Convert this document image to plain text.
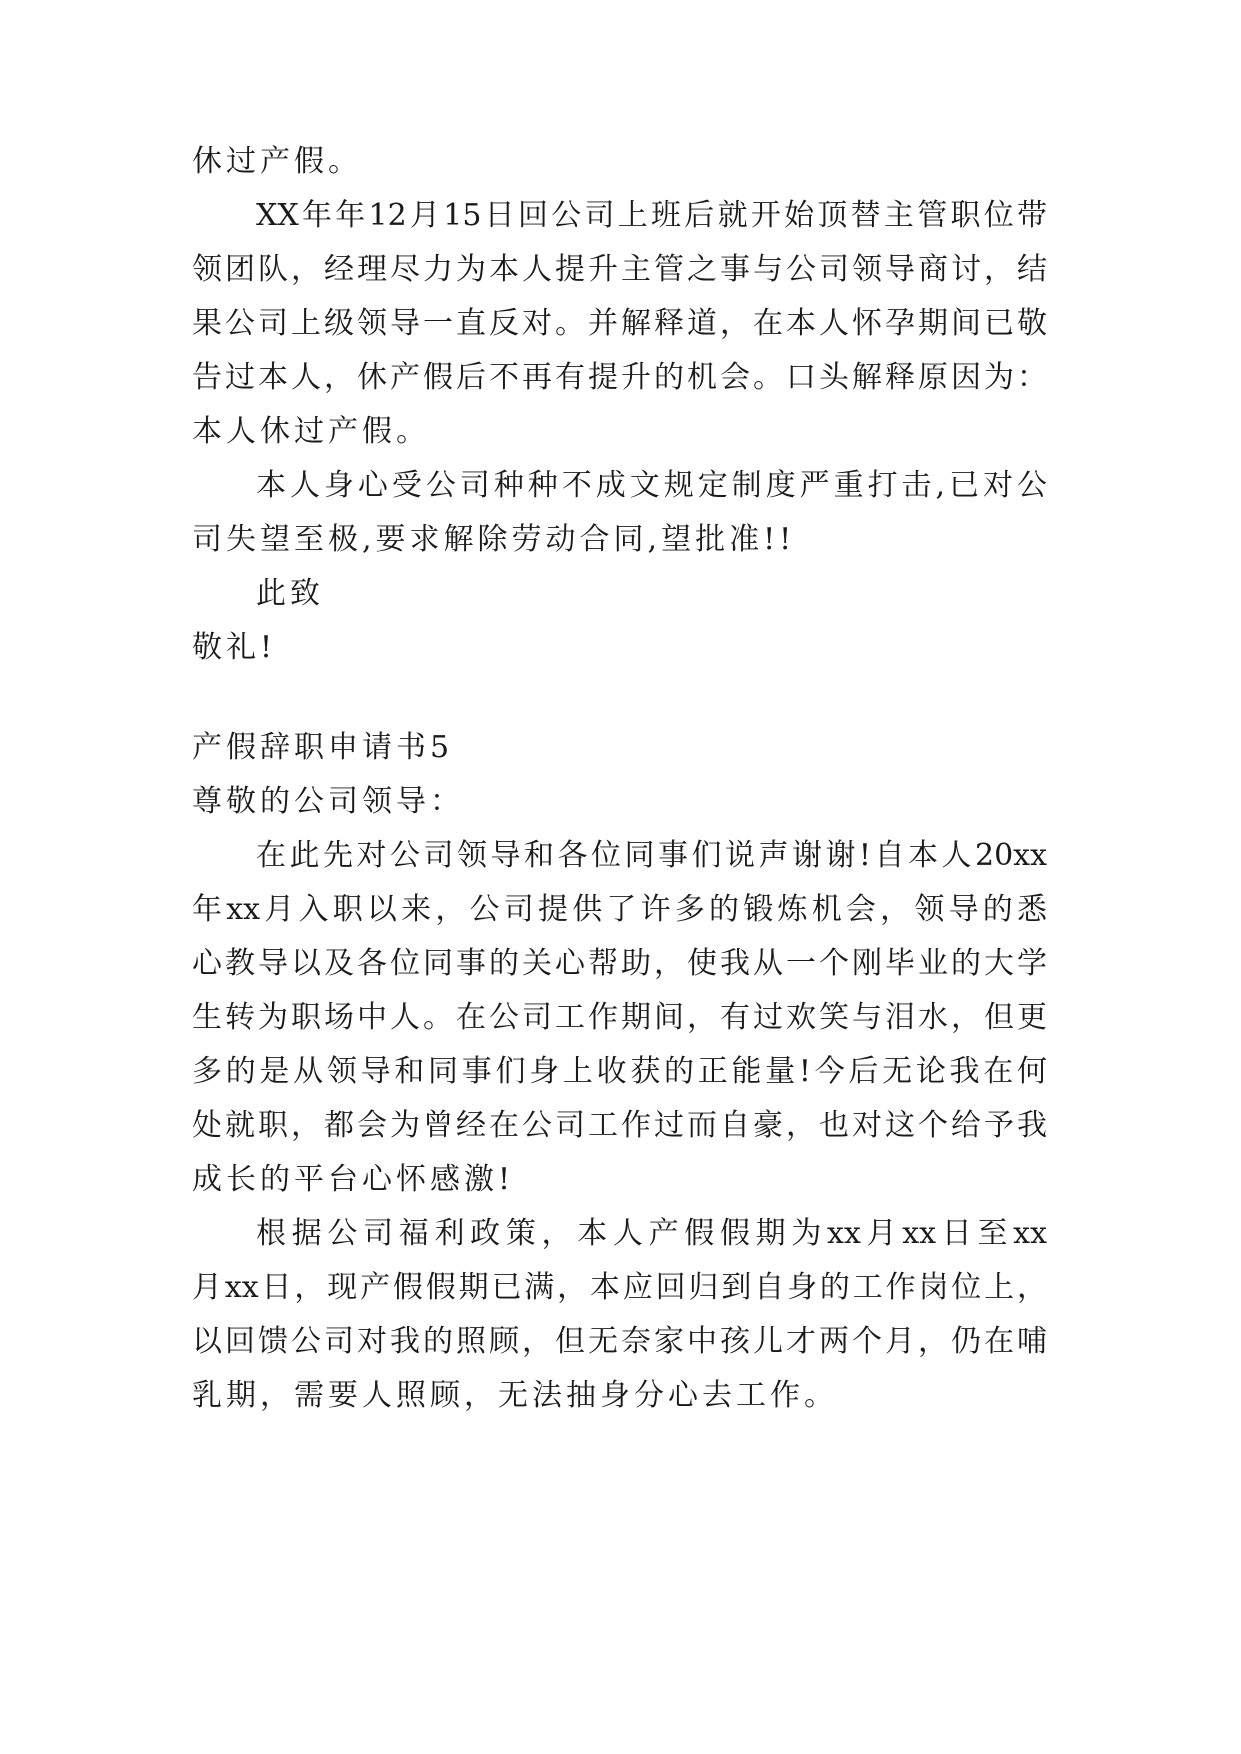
休过产假。

XX年年12月15日回公司上班后就开始顶替主管职位带

领团队，经理尽力为本人提升主管之事与公司领导商讨，结

果公司上级领导一直反对。并解释道，在本人怀孕期间已敬

告过本人，休产假后不再有提升的机会。口头解释原因为：

本人休过产假。

本人身心受公司种种不成文规定制度严重打击,已对公

司失望至极,要求解除劳动合同,望批准!!

此致

敬礼!

产假辞职申请书5

尊敬的公司领导：

在此先对公司领导和各位同事们说声谢谢!自本人20xx

年xx月入职以来，公司提供了许多的锻炼机会，领导的悉

心教导以及各位同事的关心帮助，使我从一个刚毕业的大学

生转为职场中人。在公司工作期间，有过欢笑与泪水，但更

多的是从领导和同事们身上收获的正能量!今后无论我在何

处就职，都会为曾经在公司工作过而自豪，也对这个给予我

成长的平台心怀感激!

根据公司福利政策，本人产假假期为xx月xx日至xx

月xx日，现产假假期已满，本应回归到自身的工作岗位上，

以回馈公司对我的照顾，但无奈家中孩儿才两个月，仍在哺

乳期，需要人照顾，无法抽身分心去工作。
